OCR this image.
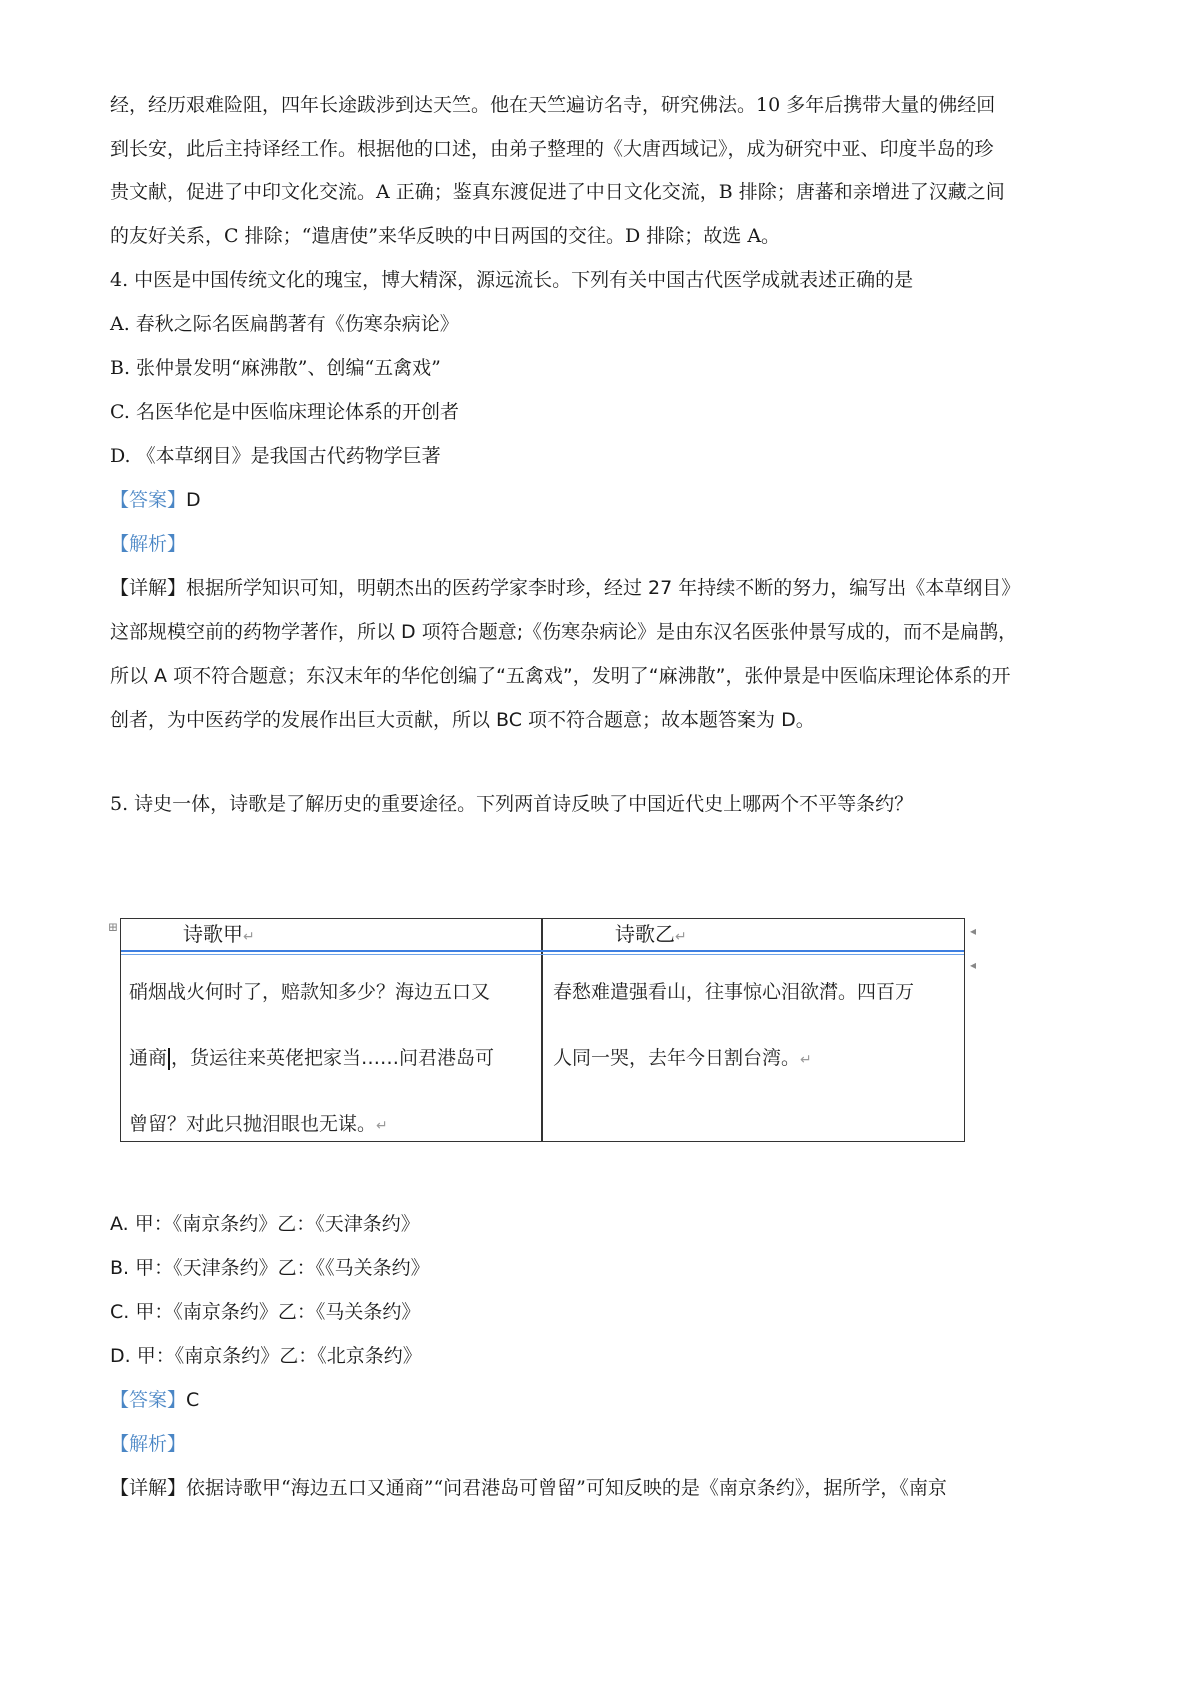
经，经历艰难险阻，四年长途跋涉到达天竺。他在天竺遍访名寺，研究佛法。10 多年后携带大量的佛经回
到长安，此后主持译经工作。根据他的口述，由弟子整理的《大唐西域记》，成为研究中亚、印度半岛的珍
贵文献，促进了中印文化交流。A 正确；鉴真东渡促进了中日文化交流，B 排除；唐蕃和亲增进了汉藏之间
的友好关系，C 排除；“遣唐使”来华反映的中日两国的交往。D 排除；故选 A。
4. 中医是中国传统文化的瑰宝，博大精深，源远流长。下列有关中国古代医学成就表述正确的是
A. 春秋之际名医扁鹊著有《伤寒杂病论》
B. 张仲景发明“麻沸散”、创编“五禽戏”
C. 名医华佗是中医临床理论体系的开创者
D. 《本草纲目》是我国古代药物学巨著
【答案】D
【解析】
【详解】根据所学知识可知，明朝杰出的医药学家李时珍，经过 27 年持续不断的努力，编写出《本草纲目》
这部规模空前的药物学著作，所以 D 项符合题意;《伤寒杂病论》是由东汉名医张仲景写成的，而不是扁鹊，
所以 A 项不符合题意；东汉末年的华佗创编了“五禽戏”，发明了“麻沸散”，张仲景是中医临床理论体系的开
创者，为中医药学的发展作出巨大贡献，所以 BC 项不符合题意；故本题答案为 D。
5. 诗史一体，诗歌是了解历史的重要途径。下列两首诗反映了中国近代史上哪两个不平等条约？
⊞	◂
◂
诗歌甲↵	诗歌乙↵
硝烟战火何时了，赔款知多少？海边五口又
通商 ，货运往来英佬把家当……问君港岛可
曾留？对此只抛泪眼也无谋。↵
春愁难遣强看山，往事惊心泪欲潸。四百万
人同一哭，去年今日割台湾。↵
A. 甲：《南京条约》乙：《天津条约》
B. 甲：《天津条约》乙：《《马关条约》
C. 甲：《南京条约》乙：《马关条约》
D. 甲：《南京条约》乙：《北京条约》
【答案】C
【解析】
【详解】依据诗歌甲“海边五口又通商”“问君港岛可曾留”可知反映的是《南京条约》，据所学，《南京
